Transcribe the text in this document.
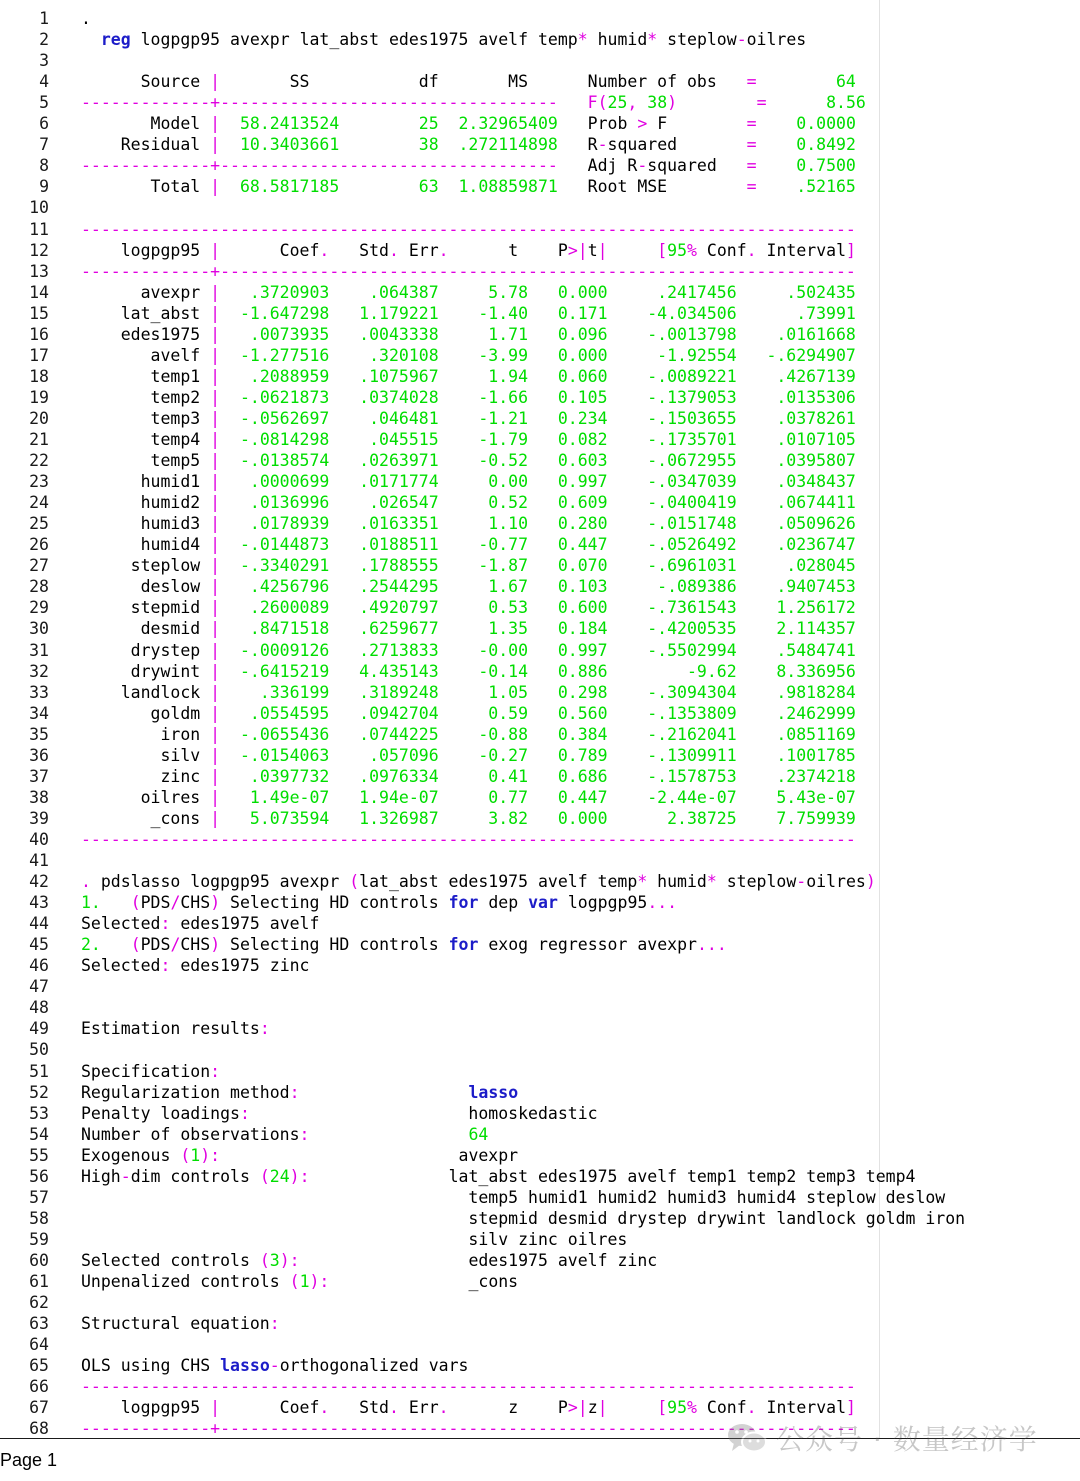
1 .
2	reg logpgp95 avexpr lat_abst edes1975 avelf temp* humid* steplow-oilres
3
4 Source |       SS           df       MS      Number of obs   =        64
5 -------------+----------------------------------   F(25, 38)	=      8.56
6 Model |  58.2413524        25  2.32965409   Prob > F        =    0.0000
7 Residual |  10.3403661        38  .272114898   R-squared       =    0.8492
8 -------------+----------------------------------   Adj R-squared   =    0.7500
9 Total |  68.5817185        63  1.08859871   Root MSE        =    .52165
10
11 ------------------------------------------------------------------------------
12 logpgp95 |      Coef.   Std. Err.      t    P>|t|	[95% Conf. Interval]
13 -------------+----------------------------------------------------------------
14 avexpr |   .3720903    .064387     5.78   0.000     .2417456     .502435
15 lat_abst |  -1.647298   1.179221    -1.40   0.171    -4.034506      .73991
16 edes1975 |   .0073935   .0043338     1.71   0.096    -.0013798    .0161668
17 avelf |  -1.277516    .320108    -3.99   0.000     -1.92554   -.6294907
18 temp1 |   .2088959   .1075967     1.94   0.060    -.0089221    .4267139
19 temp2 |  -.0621873   .0374028    -1.66   0.105    -.1379053    .0135306
20 temp3 |  -.0562697    .046481    -1.21   0.234    -.1503655    .0378261
21 temp4 |  -.0814298    .045515    -1.79   0.082    -.1735701    .0107105
22 temp5 |  -.0138574   .0263971    -0.52   0.603    -.0672955    .0395807
23 humid1 |   .0000699   .0171774     0.00   0.997    -.0347039    .0348437
24 humid2 |   .0136996    .026547     0.52   0.609    -.0400419    .0674411
25 humid3 |   .0178939   .0163351     1.10   0.280    -.0151748    .0509626
26 humid4 |  -.0144873   .0188511    -0.77   0.447    -.0526492    .0236747
27 steplow |  -.3340291   .1788555    -1.87   0.070    -.6961031     .028045
28 deslow |   .4256796   .2544295     1.67   0.103     -.089386    .9407453
29 stepmid |   .2600089   .4920797     0.53   0.600    -.7361543    1.256172
30 desmid |   .8471518   .6259677     1.35   0.184    -.4200535    2.114357
31 drystep |  -.0009126   .2713833    -0.00   0.997    -.5502994    .5484741
32 drywint |  -.6415219   4.435143    -0.14   0.886        -9.62    8.336956
33 landlock |    .336199   .3189248     1.05   0.298    -.3094304    .9818284
34 goldm |   .0554595   .0942704     0.59   0.560    -.1353809    .2462999
35 iron |  -.0655436   .0744225    -0.88   0.384    -.2162041    .0851169
36 silv |  -.0154063    .057096    -0.27   0.789    -.1309911    .1001785
37 zinc |   .0397732   .0976334     0.41   0.686    -.1578753    .2374218
38 oilres |   1.49e-07   1.94e-07     0.77   0.447    -2.44e-07    5.43e-07
39 _cons |   5.073594   1.326987     3.82   0.000      2.38725    7.759939
40 ------------------------------------------------------------------------------
41
42 . pdslasso logpgp95 avexpr (lat_abst edes1975 avelf temp* humid* steplow-oilres)
43 1. (PDS/CHS) Selecting HD controls for dep var logpgp95...
44 Selected: edes1975 avelf
45 2. (PDS/CHS) Selecting HD controls for exog regressor avexpr...
46 Selected: edes1975 zinc
47
48
49 Estimation results:
50
51 Specification:
52 Regularization method:	lasso
53 Penalty loadings:                      homoskedastic
54 Number of observations:	64
55 Exogenous (1):                        avexpr
56 High-dim controls (24):              lat_abst edes1975 avelf temp1 temp2 temp3 temp4
57 temp5 humid1 humid2 humid3 humid4 steplow deslow
58 stepmid desmid drystep drywint landlock goldm iron
59 silv zinc oilres
60 Selected controls (3):                 edes1975 avelf zinc
61 Unpenalized controls (1):              _cons
62
63 Structural equation:
64
65 OLS using CHS lasso-orthogonalized vars
66 ------------------------------------------------------------------------------
67 logpgp95 |      Coef.   Std. Err.      z    P>|z|	[95% Conf. Interval]
68 -------------+----------------------------------------------------------------
公众号 · 数量经济学
Page 1
